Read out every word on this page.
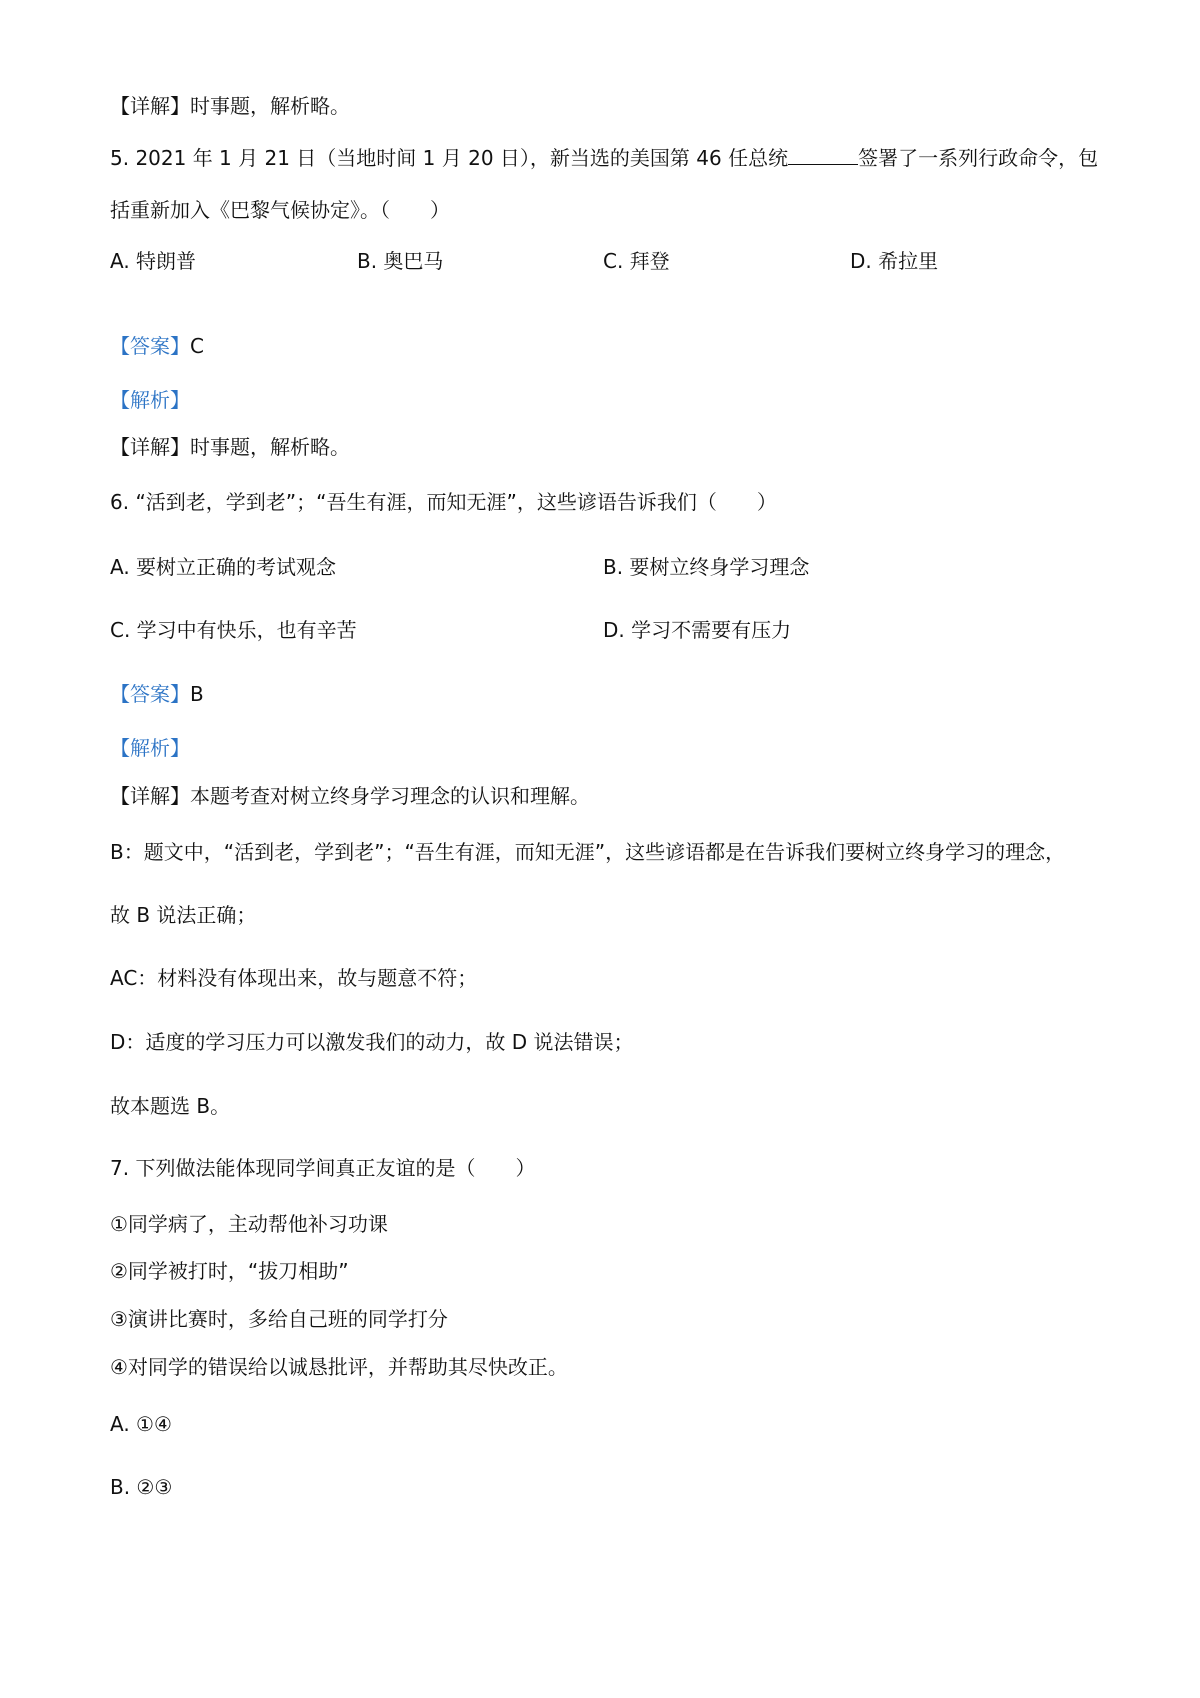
【详解】时事题，解析略。
5. 2021 年 1 月 21 日（当地时间 1 月 20 日），新当选的美国第 46 任总统	签署了一系列行政命令，包
括重新加入《巴黎气候协定》。（　　）
A. 特朗普	B. 奥巴马	C. 拜登	D. 希拉里
【答案】C
【解析】
【详解】时事题，解析略。
6. “活到老，学到老”；“吾生有涯，而知无涯”，这些谚语告诉我们（　　）
A. 要树立正确的考试观念	B. 要树立终身学习理念
C. 学习中有快乐，也有辛苦	D. 学习不需要有压力
【答案】B
【解析】
【详解】本题考查对树立终身学习理念的认识和理解。
B：题文中，“活到老，学到老”；“吾生有涯，而知无涯”，这些谚语都是在告诉我们要树立终身学习的理念，
故 B 说法正确；
AC：材料没有体现出来，故与题意不符；
D：适度的学习压力可以激发我们的动力，故 D 说法错误；
故本题选 B。
7. 下列做法能体现同学间真正友谊的是（　　）
①同学病了，主动帮他补习功课
②同学被打时，“拔刀相助”
③演讲比赛时，多给自己班的同学打分
④对同学的错误给以诚恳批评，并帮助其尽快改正。
A. ①④
B. ②③
